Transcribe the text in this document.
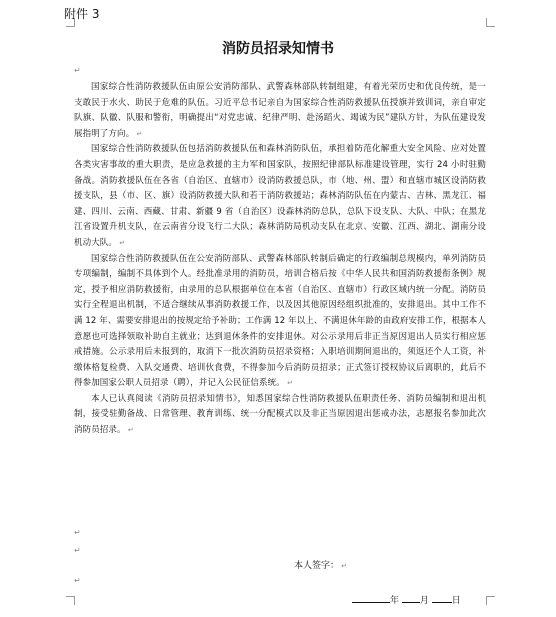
附件 3
消防员招录知情书
↵

国家综合性消防救援队伍由原公安消防部队、武警森林部队转制组建，有着光荣历史和优良传统，是一支敢民于水火、助民于危难的队伍。习近平总书记亲自为国家综合性消防救援队伍授旗并致训词，亲自审定队旗、队徽、队服和警衔，明确提出“对党忠诚、纪律严明、赴汤蹈火、竭诚为民”建队方针，为队伍建设发展指明了方向。 ↵

国家综合性消防救援队伍包括消防救援队伍和森林消防队伍，承担着防范化解重大安全风险、应对处置各类灾害事故的重大职责，是应急救援的主力军和国家队，按照纪律部队标准建设管理，实行 24 小时驻勤备战。消防救援队伍在各省（自治区、直辖市）设消防救援总队，市（地、州、盟）和直辖市城区设消防救援支队，县（市、区、旗）设消防救援大队和若干消防救援站；森林消防队伍在内蒙古、吉林、黑龙江、福建、四川、云南、西藏、甘肃、新疆 9 省（自治区）设森林消防总队，总队下设支队、大队、中队；在黑龙江省设置升机支队，在云南省分设飞行二大队；森林消防局机动支队在北京、安徽、江西、湖北、湖南分设机动大队。 ↵

国家综合性消防救援队伍在公安消防部队、武警森林部队转制后确定的行政编制总规模内，单列消防员专项编制，编制不具体到个人。经批准录用的消防员，培训合格后按《中华人民共和国消防救援衔条例》规定，授予相应消防救援衔，由录用的总队根据单位在本省（自治区、直辖市）行政区域内统一分配。消防员实行全程退出机制，不适合继续从事消防救援工作，以及因其他原因经组织批准的，安排退出。其中工作不满 12 年、需要安排退出的按规定给予补助；工作满 12 年以上、不满退休年龄的由政府安排工作，根据本人意愿也可选择领取补助自主就业；达到退休条件的安排退休。对公示录用后非正当原因退出人员实行相应惩戒措施。公示录用后未报到的，取消下一批次消防员招录资格；入职培训期间退出的，须返还个人工资，补缴体格复检费、入队交通费、培训伙食费，不得参加今后消防员招录；正式签订授权协议后离职的，此后不得参加国家公职人员招录（聘），并记入公民征信系统。 ↵

本人已认真阅读《消防员招录知情书》，知悉国家综合性消防救援队伍职责任务、消防员编制和退出机制，接受驻勤备战、日常管理、教育训练、统一分配模式以及非正当原因退出惩戒办法，志愿报名参加此次消防员招录。 ↵

↵
↵
本人签字： ↵
↵
年 月	日
